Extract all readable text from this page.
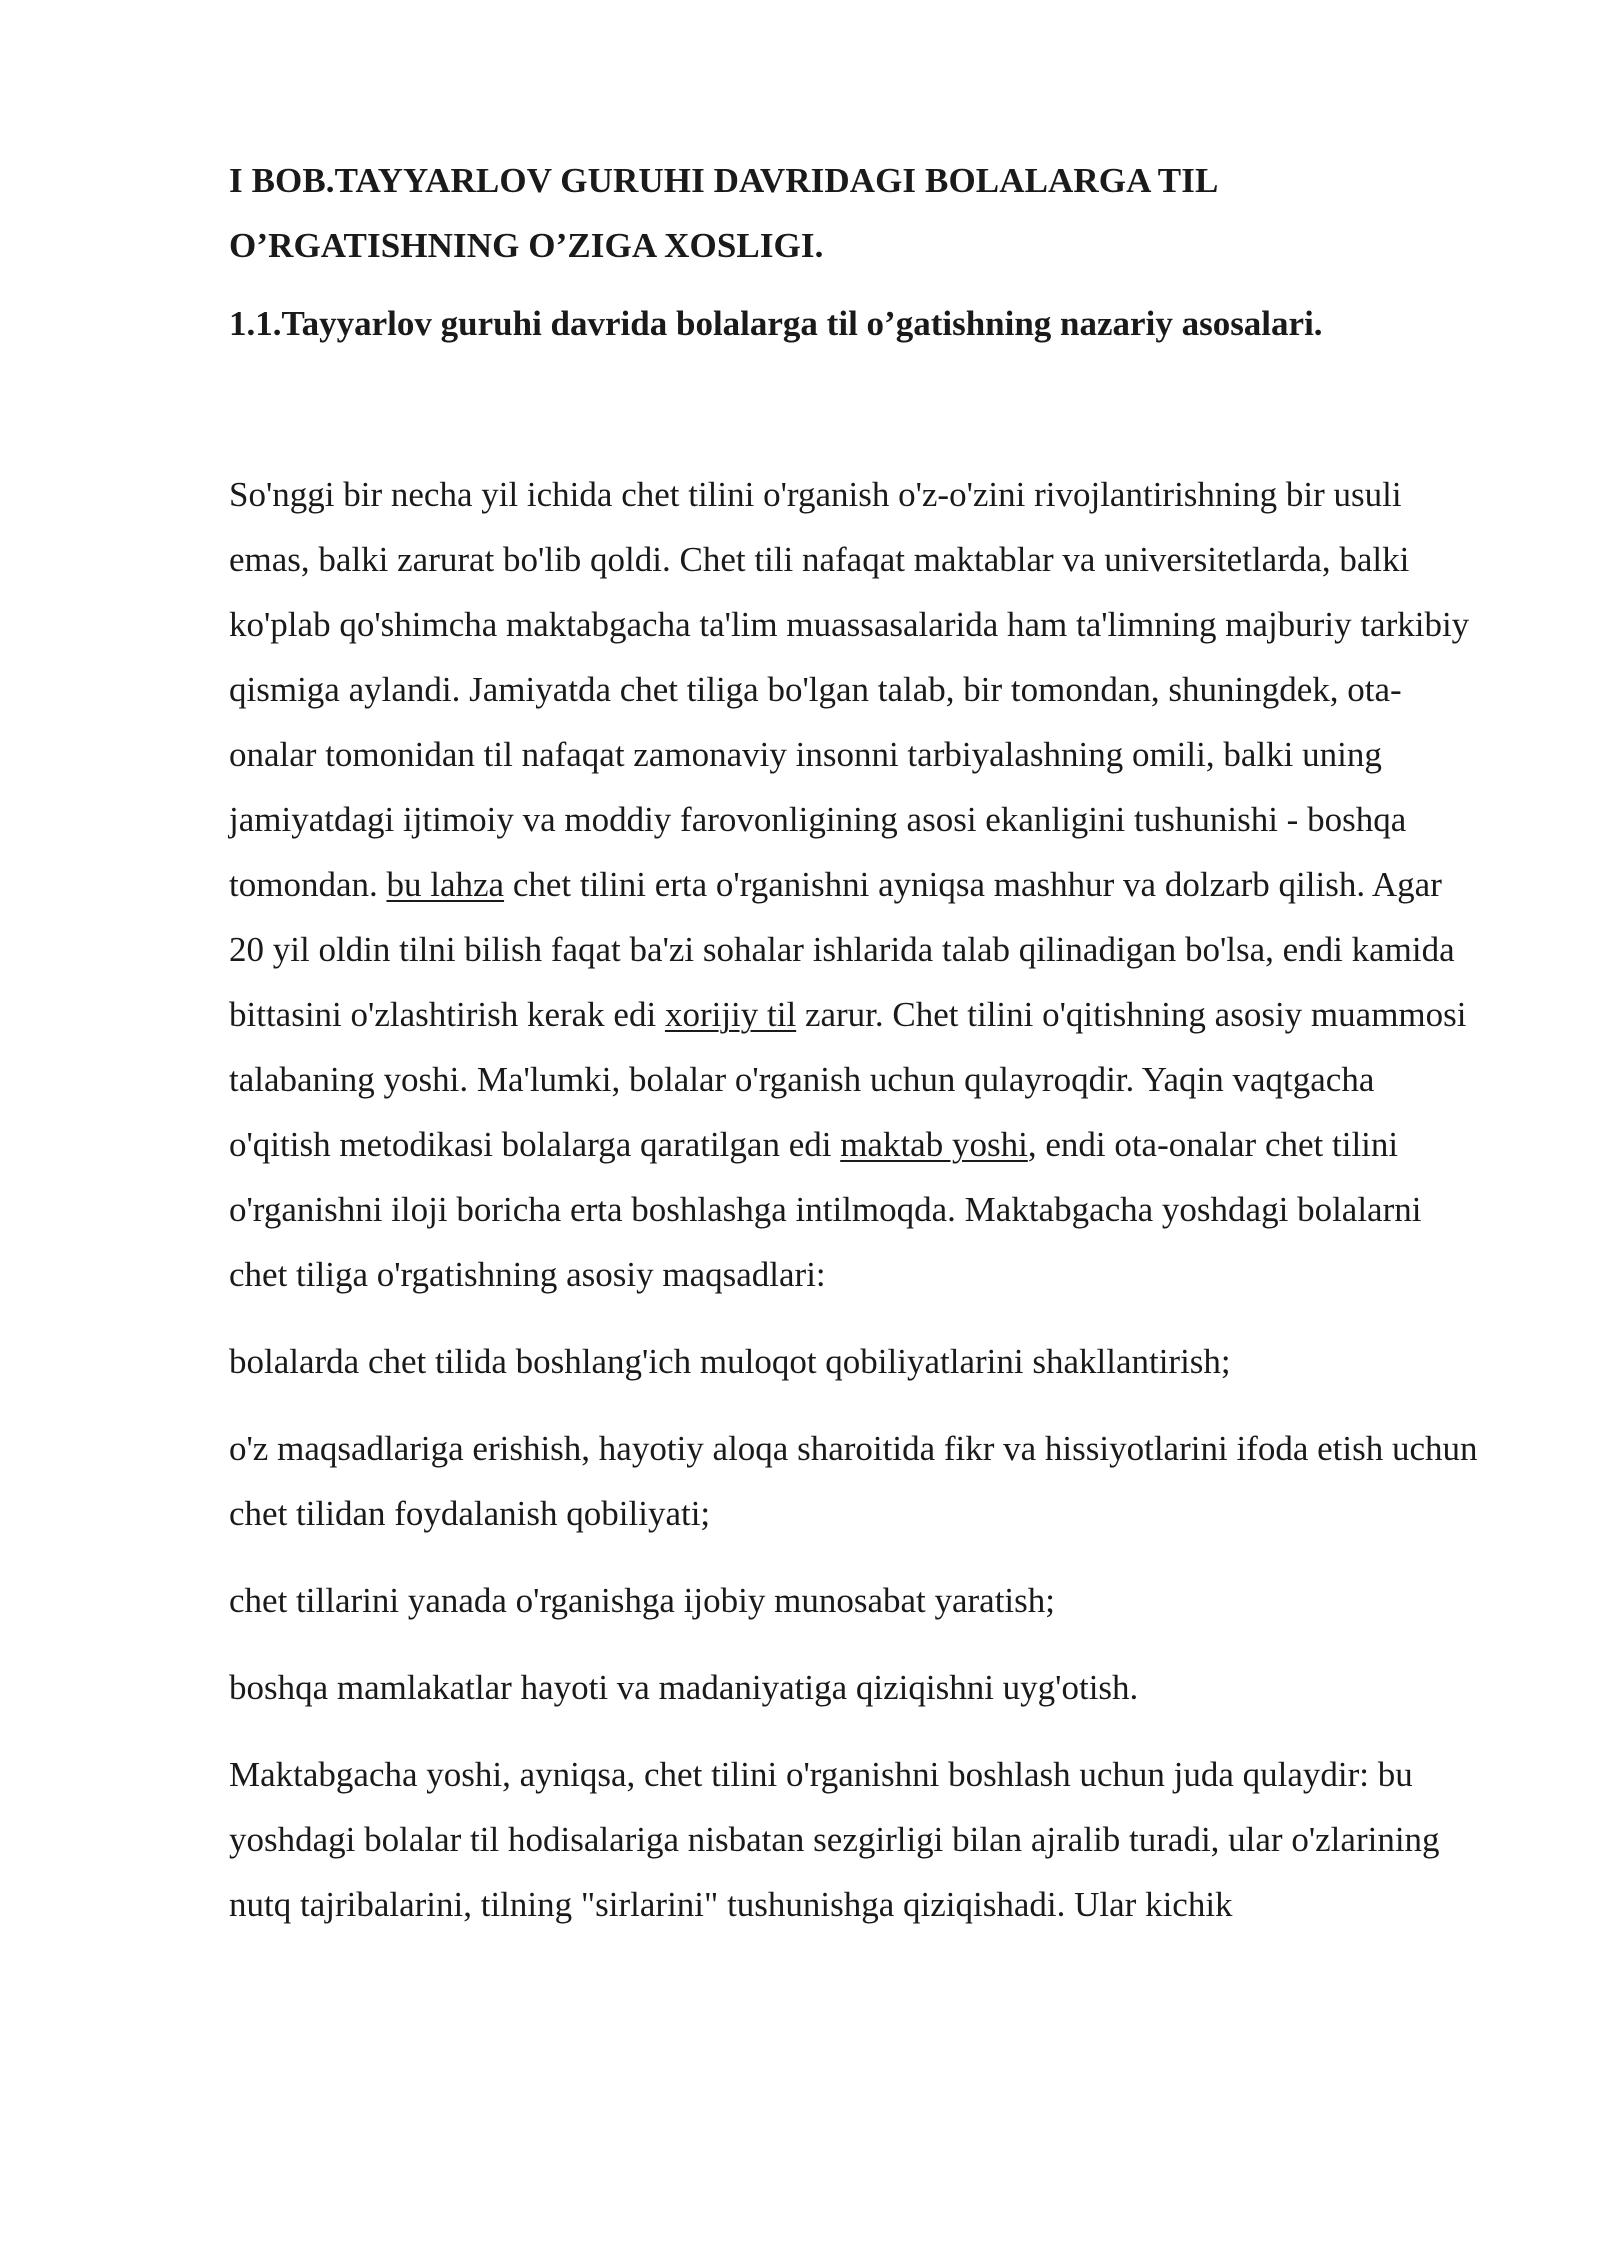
I BOB.TAYYARLOV GURUHI DAVRIDAGI BOLALARGA TIL
O’RGATISHNING O’ZIGA XOSLIGI.
1.1.Tayyarlov guruhi davrida bolalarga til o’gatishning nazariy asosalari.

So'nggi bir necha yil ichida chet tilini o'rganish o'z-o'zini rivojlantirishning bir usuli emas, balki zarurat bo'lib qoldi. Chet tili nafaqat maktablar va universitetlarda, balki ko'plab qo'shimcha maktabgacha ta'lim muassasalarida ham ta'limning majburiy tarkibiy qismiga aylandi. Jamiyatda chet tiliga bo'lgan talab, bir tomondan, shuningdek, ota-onalar tomonidan til nafaqat zamonaviy insonni tarbiyalashning omili, balki uning jamiyatdagi ijtimoiy va moddiy farovonligining asosi ekanligini tushunishi - boshqa tomondan. bu lahza chet tilini erta o'rganishni ayniqsa mashhur va dolzarb qilish. Agar 20 yil oldin tilni bilish faqat ba'zi sohalar ishlarida talab qilinadigan bo'lsa, endi kamida bittasini o'zlashtirish kerak edi xorijiy til zarur. Chet tilini o'qitishning asosiy muammosi talabaning yoshi. Ma'lumki, bolalar o'rganish uchun qulayroqdir. Yaqin vaqtgacha o'qitish metodikasi bolalarga qaratilgan edi maktab yoshi, endi ota-onalar chet tilini o'rganishni iloji boricha erta boshlashga intilmoqda. Maktabgacha yoshdagi bolalarni chet tiliga o'rgatishning asosiy maqsadlari:

bolalarda chet tilida boshlang'ich muloqot qobiliyatlarini shakllantirish;

o'z maqsadlariga erishish, hayotiy aloqa sharoitida fikr va hissiyotlarini ifoda etish uchun chet tilidan foydalanish qobiliyati;

chet tillarini yanada o'rganishga ijobiy munosabat yaratish;

boshqa mamlakatlar hayoti va madaniyatiga qiziqishni uyg'otish.

Maktabgacha yoshi, ayniqsa, chet tilini o'rganishni boshlash uchun juda qulaydir: bu yoshdagi bolalar til hodisalariga nisbatan sezgirligi bilan ajralib turadi, ular o'zlarining nutq tajribalarini, tilning "sirlarini" tushunishga qiziqishadi. Ular kichik
